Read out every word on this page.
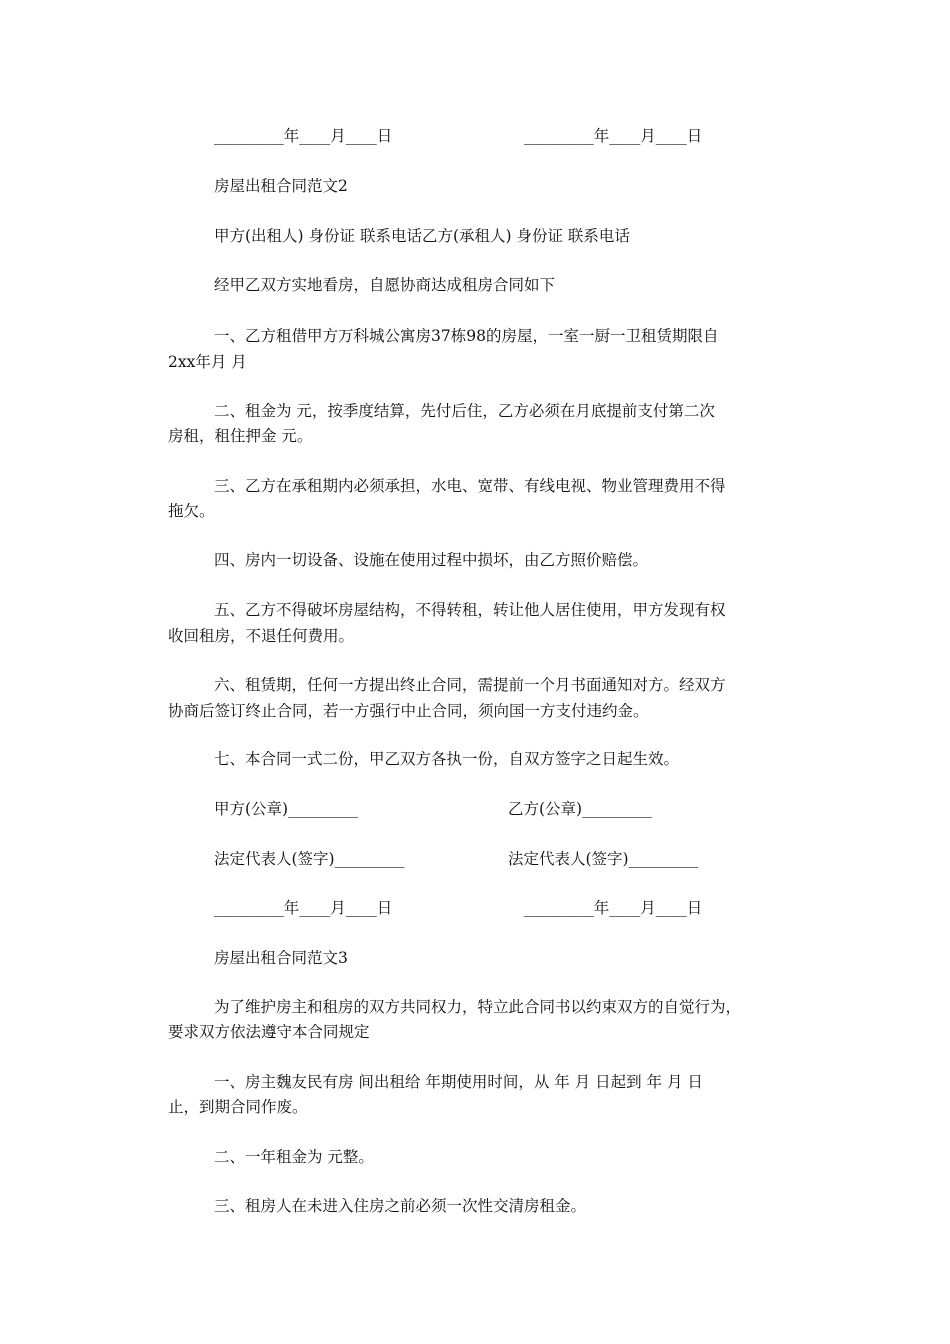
_________年____月____日	_________年____月____日
房屋出租合同范文2
甲方(出租人) 身份证 联系电话乙方(承租人) 身份证 联系电话
经甲乙双方实地看房，自愿协商达成租房合同如下
一、乙方租借甲方万科城公寓房37栋98的房屋，一室一厨一卫租赁期限自
2xx年月 月
二、租金为 元，按季度结算，先付后住，乙方必须在月底提前支付第二次
房租，租住押金 元。
三、乙方在承租期内必须承担，水电、宽带、有线电视、物业管理费用不得
拖欠。
四、房内一切设备、设施在使用过程中损坏，由乙方照价赔偿。
五、乙方不得破坏房屋结构，不得转租，转让他人居住使用，甲方发现有权
收回租房，不退任何费用。
六、租赁期，任何一方提出终止合同，需提前一个月书面通知对方。经双方
协商后签订终止合同，若一方强行中止合同，须向国一方支付违约金。
七、本合同一式二份，甲乙双方各执一份，自双方签字之日起生效。
甲方(公章)_________	乙方(公章)_________
法定代表人(签字)_________	法定代表人(签字)_________
_________年____月____日	_________年____月____日
房屋出租合同范文3
为了维护房主和租房的双方共同权力，特立此合同书以约束双方的自觉行为，
要求双方依法遵守本合同规定
一、房主魏友民有房 间出租给 年期使用时间，从 年 月 日起到 年 月 日
止，到期合同作废。
二、一年租金为 元整。
三、租房人在未进入住房之前必须一次性交清房租金。
